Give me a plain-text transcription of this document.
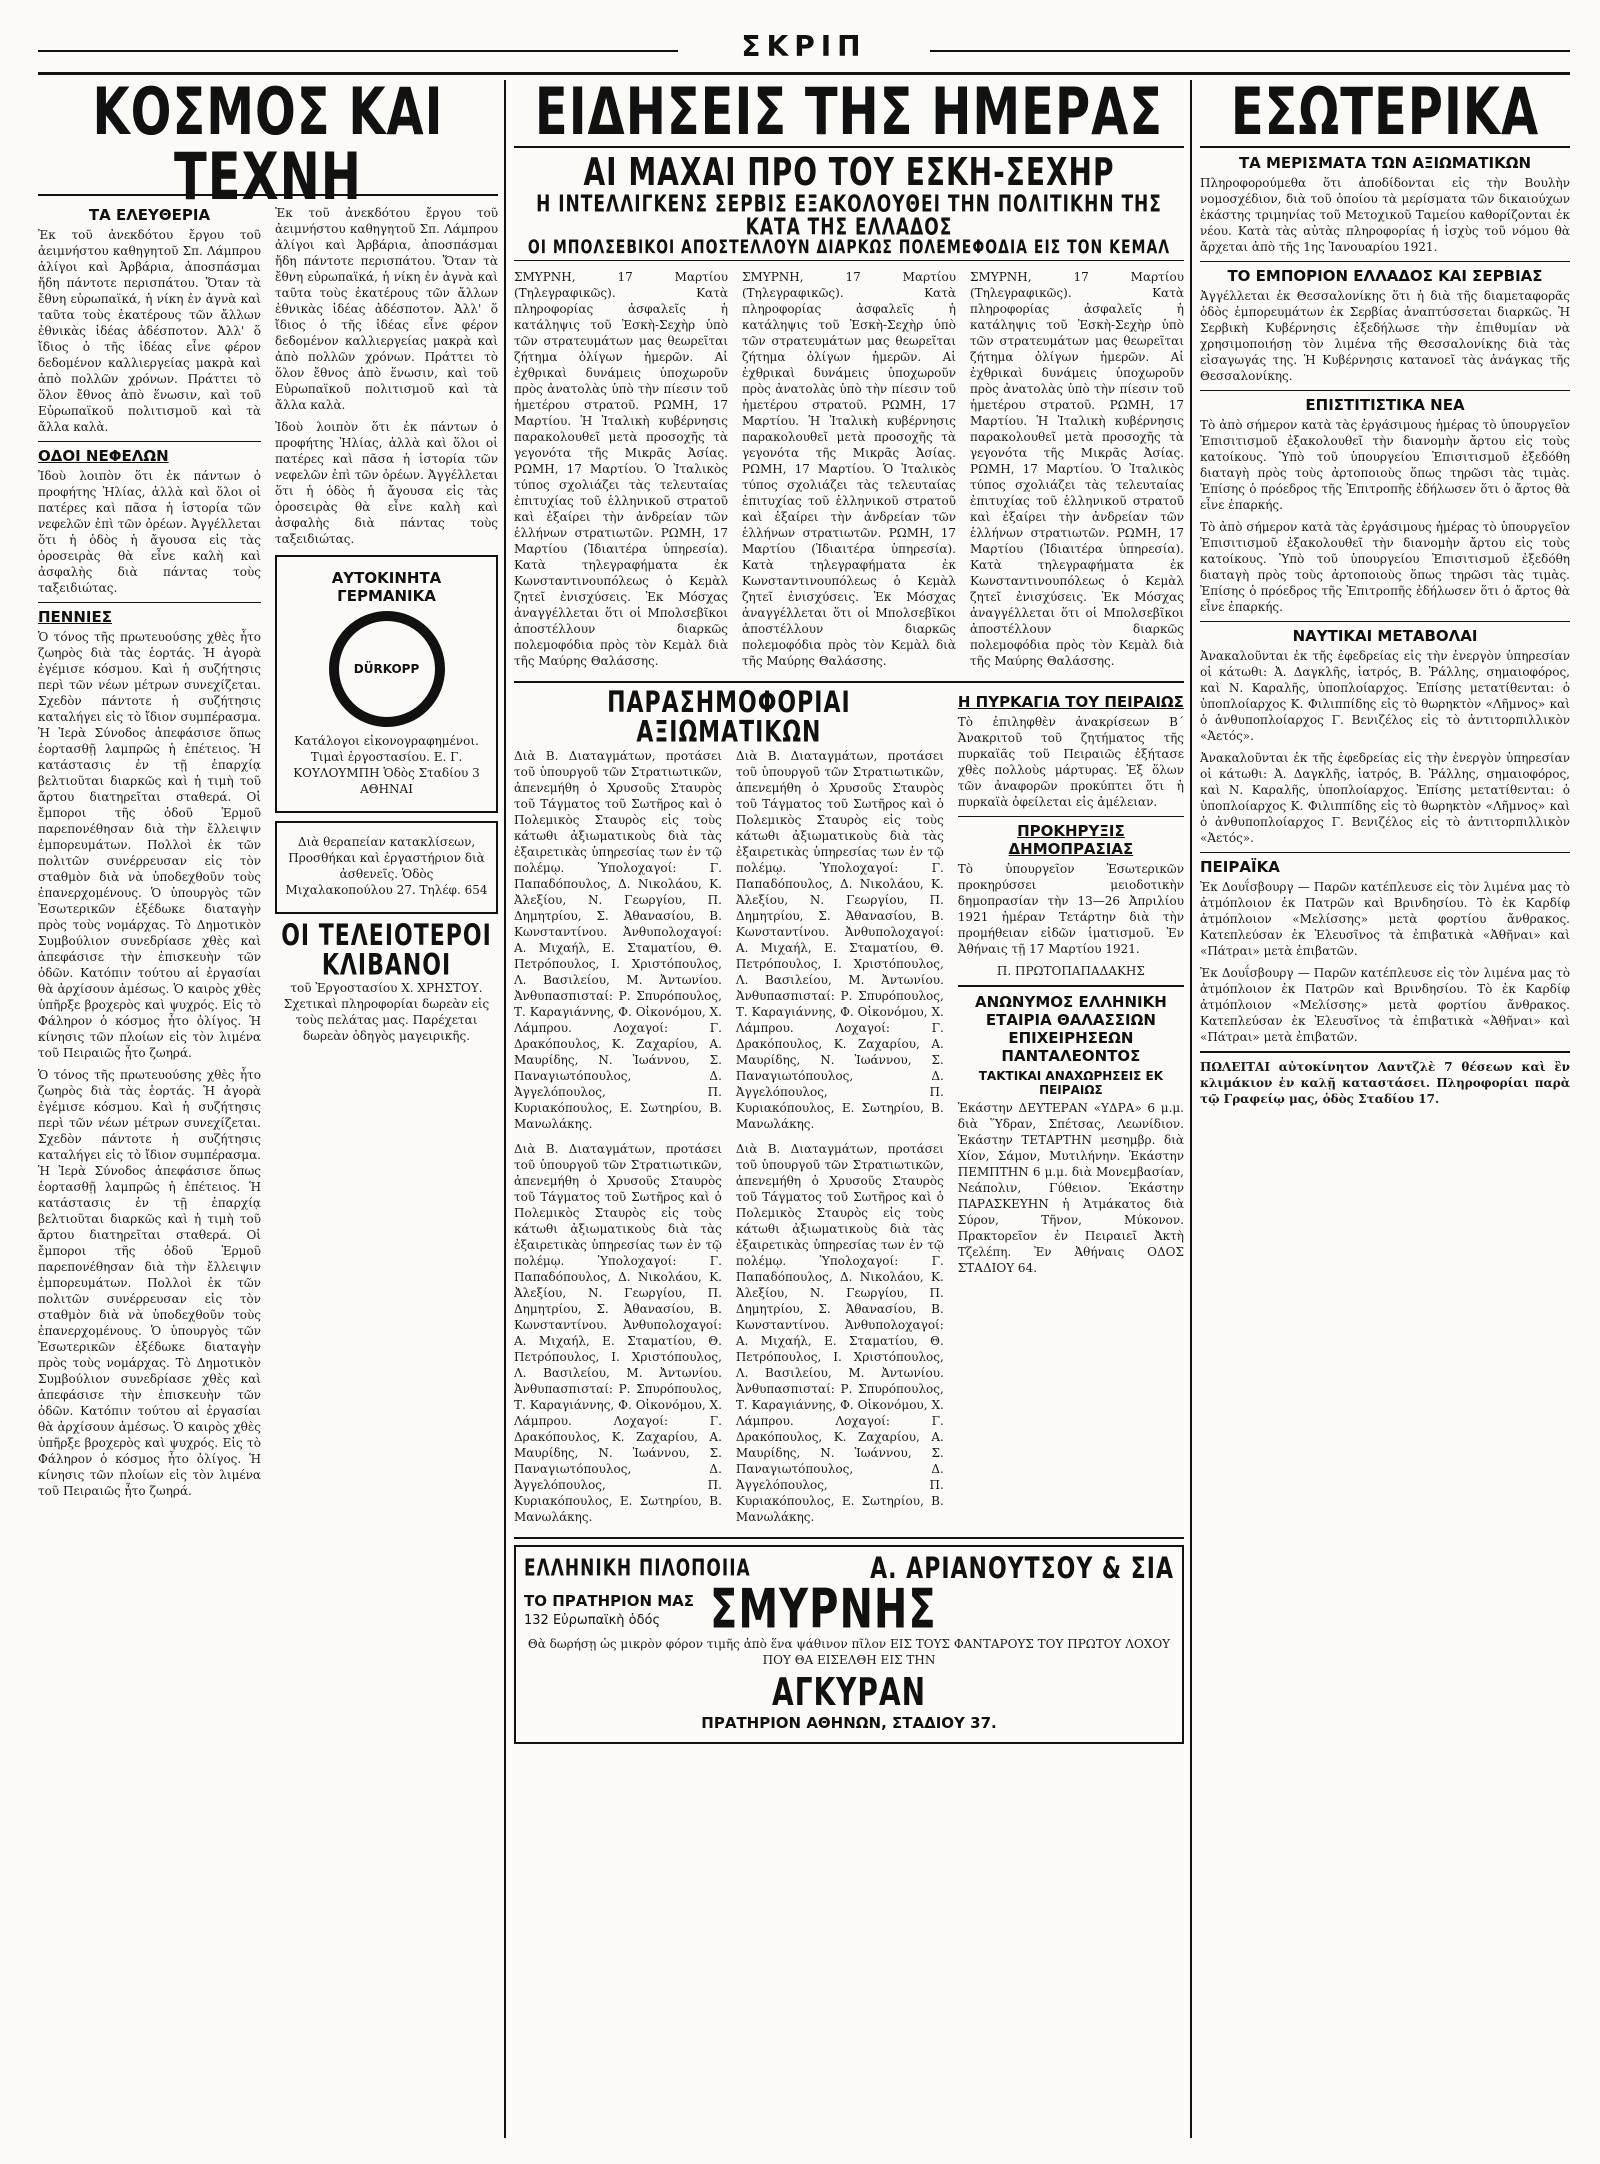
ΣΚΡΙΠ
ΚΟΣΜΟΣ ΚΑΙ ΤΕΧΝΗ
ΤΑ ΕΛΕΥΘΕΡΙΑ
Ἐκ τοῦ ἀνεκδότου ἔργου τοῦ ἀειμνήστου καθηγητοῦ Σπ. Λάμπρου ἀλίγοι καὶ Ἀρβάρια, ἀποσπάσμαι ἤδη πάντοτε περισπάτου. Ὅταν τὰ ἔθνη εὐρωπαϊκά, ἡ νίκη ἐν ἀγνὰ καὶ ταῦτα τοὺς ἑκατέρους τῶν ἄλλων ἐθνικὰς ἰδέας ἀδέσποτον. Ἀλλ' ὅ ἴδιος ὁ τῆς ἰδέας εἶνε φέρον δεδομένον καλλιεργείας μακρὰ καὶ ἀπὸ πολλῶν χρόνων. Πράττει τὸ ὅλον ἔθνος ἀπὸ ἕνωσιν, καὶ τοῦ Εὐρωπαϊκοῦ πολιτισμοῦ καὶ τὰ ἄλλα καλὰ.
ΟΔΟΙ ΝΕΦΕΛΩΝ
Ἰδοὺ λοιπὸν ὅτι ἐκ πάντων ὁ προφήτης Ἠλίας, ἀλλὰ καὶ ὅλοι οἱ πατέρες καὶ πᾶσα ἡ ἱστορία τῶν νεφελῶν ἐπὶ τῶν ὀρέων. Ἀγγέλλεται ὅτι ἡ ὁδὸς ἡ ἄγουσα εἰς τὰς ὀροσειρὰς θὰ εἶνε καλὴ καὶ ἀσφαλὴς διὰ πάντας τοὺς ταξειδιώτας.
ΠΕΝΝΙΕΣ
Ὁ τόνος τῆς πρωτευούσης χθὲς ἦτο ζωηρὸς διὰ τὰς ἑορτάς. Ἡ ἀγορὰ ἐγέμισε κόσμου. Καὶ ἡ συζήτησις περὶ τῶν νέων μέτρων συνεχίζεται. Σχεδὸν πάντοτε ἡ συζήτησις καταλήγει εἰς τὸ ἴδιον συμπέρασμα. Ἡ Ἱερὰ Σύνοδος ἀπεφάσισε ὅπως ἑορτασθῇ λαμπρῶς ἡ ἐπέτειος. Ἡ κατάστασις ἐν τῇ ἐπαρχίᾳ βελτιοῦται διαρκῶς καὶ ἡ τιμὴ τοῦ ἄρτου διατηρεῖται σταθερά. Οἱ ἔμποροι τῆς ὁδοῦ Ἑρμοῦ παρεπονέθησαν διὰ τὴν ἔλλειψιν ἐμπορευμάτων. Πολλοὶ ἐκ τῶν πολιτῶν συνέρρευσαν εἰς τὸν σταθμὸν διὰ νὰ ὑποδεχθοῦν τοὺς ἐπανερχομένους. Ὁ ὑπουργὸς τῶν Ἐσωτερικῶν ἐξέδωκε διαταγὴν πρὸς τοὺς νομάρχας. Τὸ Δημοτικὸν Συμβούλιον συνεδρίασε χθὲς καὶ ἀπεφάσισε τὴν ἐπισκευὴν τῶν ὁδῶν. Κατόπιν τούτου αἱ ἐργασίαι θὰ ἀρχίσουν ἀμέσως. Ὁ καιρὸς χθὲς ὑπῆρξε βροχερὸς καὶ ψυχρός. Εἰς τὸ Φάληρον ὁ κόσμος ἦτο ὀλίγος. Ἡ κίνησις τῶν πλοίων εἰς τὸν λιμένα τοῦ Πειραιῶς ἦτο ζωηρά.
Ὁ τόνος τῆς πρωτευούσης χθὲς ἦτο ζωηρὸς διὰ τὰς ἑορτάς. Ἡ ἀγορὰ ἐγέμισε κόσμου. Καὶ ἡ συζήτησις περὶ τῶν νέων μέτρων συνεχίζεται. Σχεδὸν πάντοτε ἡ συζήτησις καταλήγει εἰς τὸ ἴδιον συμπέρασμα. Ἡ Ἱερὰ Σύνοδος ἀπεφάσισε ὅπως ἑορτασθῇ λαμπρῶς ἡ ἐπέτειος. Ἡ κατάστασις ἐν τῇ ἐπαρχίᾳ βελτιοῦται διαρκῶς καὶ ἡ τιμὴ τοῦ ἄρτου διατηρεῖται σταθερά. Οἱ ἔμποροι τῆς ὁδοῦ Ἑρμοῦ παρεπονέθησαν διὰ τὴν ἔλλειψιν ἐμπορευμάτων. Πολλοὶ ἐκ τῶν πολιτῶν συνέρρευσαν εἰς τὸν σταθμὸν διὰ νὰ ὑποδεχθοῦν τοὺς ἐπανερχομένους. Ὁ ὑπουργὸς τῶν Ἐσωτερικῶν ἐξέδωκε διαταγὴν πρὸς τοὺς νομάρχας. Τὸ Δημοτικὸν Συμβούλιον συνεδρίασε χθὲς καὶ ἀπεφάσισε τὴν ἐπισκευὴν τῶν ὁδῶν. Κατόπιν τούτου αἱ ἐργασίαι θὰ ἀρχίσουν ἀμέσως. Ὁ καιρὸς χθὲς ὑπῆρξε βροχερὸς καὶ ψυχρός. Εἰς τὸ Φάληρον ὁ κόσμος ἦτο ὀλίγος. Ἡ κίνησις τῶν πλοίων εἰς τὸν λιμένα τοῦ Πειραιῶς ἦτο ζωηρά.
Ἐκ τοῦ ἀνεκδότου ἔργου τοῦ ἀειμνήστου καθηγητοῦ Σπ. Λάμπρου ἀλίγοι καὶ Ἀρβάρια, ἀποσπάσμαι ἤδη πάντοτε περισπάτου. Ὅταν τὰ ἔθνη εὐρωπαϊκά, ἡ νίκη ἐν ἀγνὰ καὶ ταῦτα τοὺς ἑκατέρους τῶν ἄλλων ἐθνικὰς ἰδέας ἀδέσποτον. Ἀλλ' ὅ ἴδιος ὁ τῆς ἰδέας εἶνε φέρον δεδομένον καλλιεργείας μακρὰ καὶ ἀπὸ πολλῶν χρόνων. Πράττει τὸ ὅλον ἔθνος ἀπὸ ἕνωσιν, καὶ τοῦ Εὐρωπαϊκοῦ πολιτισμοῦ καὶ τὰ ἄλλα καλὰ.
Ἰδοὺ λοιπὸν ὅτι ἐκ πάντων ὁ προφήτης Ἠλίας, ἀλλὰ καὶ ὅλοι οἱ πατέρες καὶ πᾶσα ἡ ἱστορία τῶν νεφελῶν ἐπὶ τῶν ὀρέων. Ἀγγέλλεται ὅτι ἡ ὁδὸς ἡ ἄγουσα εἰς τὰς ὀροσειρὰς θὰ εἶνε καλὴ καὶ ἀσφαλὴς διὰ πάντας τοὺς ταξειδιώτας.
ΑΥΤΟΚΙΝΗΤΑ ΓΕΡΜΑΝΙΚΑ
DÜRKOPP
Κατάλογοι εἰκονογραφημένοι. Τιμαὶ ἐργοστασίου. Ε. Γ. ΚΟΥΛΟΥΜΠΗ Ὁδὸς Σταδίου 3 ΑΘΗΝΑΙ
Διὰ θεραπείαν κατακλίσεων, Προσθήκαι καὶ ἐργαστήριον διὰ ἀσθενεῖς. Ὁδὸς Μιχαλακοπούλου 27. Τηλέφ. 654
ΟΙ ΤΕΛΕΙΟΤΕΡΟΙ ΚΛΙΒΑΝΟΙ
τοῦ Ἐργοστασίου Χ. ΧΡΗΣΤΟΥ. Σχετικαὶ πληροφορίαι δωρεὰν εἰς τοὺς πελάτας μας. Παρέχεται δωρεὰν ὁδηγὸς μαγειρικῆς.
ΕΙΔΗΣΕΙΣ ΤΗΣ ΗΜΕΡΑΣ
ΑΙ ΜΑΧΑΙ ΠΡΟ ΤΟΥ ΕΣΚΗ-ΣΕΧΗΡ
Η ΙΝΤΕΛΛΙΓΚΕΝΣ ΣΕΡΒΙΣ ΕΞΑΚΟΛΟΥΘΕΙ ΤΗΝ ΠΟΛΙΤΙΚΗΝ ΤΗΣ ΚΑΤΑ ΤΗΣ ΕΛΛΑΔΟΣ
ΟΙ ΜΠΟΛΣΕΒΙΚΟΙ ΑΠΟΣΤΕΛΛΟΥΝ ΔΙΑΡΚΩΣ ΠΟΛΕΜΕΦΟΔΙΑ ΕΙΣ ΤΟΝ ΚΕΜΑΛ
ΣΜΥΡΝΗ, 17 Μαρτίου (Τηλεγραφικῶς). Κατὰ πληροφορίας ἀσφαλεῖς ἡ κατάληψις τοῦ Ἐσκὴ-Σεχὴρ ὑπὸ τῶν στρατευμάτων μας θεωρεῖται ζήτημα ὀλίγων ἡμερῶν. Αἱ ἐχθρικαὶ δυνάμεις ὑποχωροῦν πρὸς ἀνατολὰς ὑπὸ τὴν πίεσιν τοῦ ἡμετέρου στρατοῦ. ΡΩΜΗ, 17 Μαρτίου. Ἡ Ἰταλικὴ κυβέρνησις παρακολουθεῖ μετὰ προσοχῆς τὰ γεγονότα τῆς Μικρᾶς Ἀσίας. ΡΩΜΗ, 17 Μαρτίου. Ὁ Ἰταλικὸς τύπος σχολιάζει τὰς τελευταίας ἐπιτυχίας τοῦ ἑλληνικοῦ στρατοῦ καὶ ἐξαίρει τὴν ἀνδρείαν τῶν ἑλλήνων στρατιωτῶν. ΡΩΜΗ, 17 Μαρτίου (Ἰδιαιτέρα ὑπηρεσία). Κατὰ τηλεγραφήματα ἐκ Κωνσταντινουπόλεως ὁ Κεμὰλ ζητεῖ ἐνισχύσεις. Ἐκ Μόσχας ἀναγγέλλεται ὅτι οἱ Μπολσεβῖκοι ἀποστέλλουν διαρκῶς πολεμοφόδια πρὸς τὸν Κεμὰλ διὰ τῆς Μαύρης Θαλάσσης.
ΣΜΥΡΝΗ, 17 Μαρτίου (Τηλεγραφικῶς). Κατὰ πληροφορίας ἀσφαλεῖς ἡ κατάληψις τοῦ Ἐσκὴ-Σεχὴρ ὑπὸ τῶν στρατευμάτων μας θεωρεῖται ζήτημα ὀλίγων ἡμερῶν. Αἱ ἐχθρικαὶ δυνάμεις ὑποχωροῦν πρὸς ἀνατολὰς ὑπὸ τὴν πίεσιν τοῦ ἡμετέρου στρατοῦ. ΡΩΜΗ, 17 Μαρτίου. Ἡ Ἰταλικὴ κυβέρνησις παρακολουθεῖ μετὰ προσοχῆς τὰ γεγονότα τῆς Μικρᾶς Ἀσίας. ΡΩΜΗ, 17 Μαρτίου. Ὁ Ἰταλικὸς τύπος σχολιάζει τὰς τελευταίας ἐπιτυχίας τοῦ ἑλληνικοῦ στρατοῦ καὶ ἐξαίρει τὴν ἀνδρείαν τῶν ἑλλήνων στρατιωτῶν. ΡΩΜΗ, 17 Μαρτίου (Ἰδιαιτέρα ὑπηρεσία). Κατὰ τηλεγραφήματα ἐκ Κωνσταντινουπόλεως ὁ Κεμὰλ ζητεῖ ἐνισχύσεις. Ἐκ Μόσχας ἀναγγέλλεται ὅτι οἱ Μπολσεβῖκοι ἀποστέλλουν διαρκῶς πολεμοφόδια πρὸς τὸν Κεμὰλ διὰ τῆς Μαύρης Θαλάσσης.
ΣΜΥΡΝΗ, 17 Μαρτίου (Τηλεγραφικῶς). Κατὰ πληροφορίας ἀσφαλεῖς ἡ κατάληψις τοῦ Ἐσκὴ-Σεχὴρ ὑπὸ τῶν στρατευμάτων μας θεωρεῖται ζήτημα ὀλίγων ἡμερῶν. Αἱ ἐχθρικαὶ δυνάμεις ὑποχωροῦν πρὸς ἀνατολὰς ὑπὸ τὴν πίεσιν τοῦ ἡμετέρου στρατοῦ. ΡΩΜΗ, 17 Μαρτίου. Ἡ Ἰταλικὴ κυβέρνησις παρακολουθεῖ μετὰ προσοχῆς τὰ γεγονότα τῆς Μικρᾶς Ἀσίας. ΡΩΜΗ, 17 Μαρτίου. Ὁ Ἰταλικὸς τύπος σχολιάζει τὰς τελευταίας ἐπιτυχίας τοῦ ἑλληνικοῦ στρατοῦ καὶ ἐξαίρει τὴν ἀνδρείαν τῶν ἑλλήνων στρατιωτῶν. ΡΩΜΗ, 17 Μαρτίου (Ἰδιαιτέρα ὑπηρεσία). Κατὰ τηλεγραφήματα ἐκ Κωνσταντινουπόλεως ὁ Κεμὰλ ζητεῖ ἐνισχύσεις. Ἐκ Μόσχας ἀναγγέλλεται ὅτι οἱ Μπολσεβῖκοι ἀποστέλλουν διαρκῶς πολεμοφόδια πρὸς τὸν Κεμὰλ διὰ τῆς Μαύρης Θαλάσσης.
ΠΑΡΑΣΗΜΟΦΟΡΙΑΙ ΑΞΙΩΜΑΤΙΚΩΝ
Διὰ Β. Διαταγμάτων, προτάσει τοῦ ὑπουργοῦ τῶν Στρατιωτικῶν, ἀπενεμήθη ὁ Χρυσοῦς Σταυρὸς τοῦ Τάγματος τοῦ Σωτῆρος καὶ ὁ Πολεμικὸς Σταυρὸς εἰς τοὺς κάτωθι ἀξιωματικοὺς διὰ τὰς ἐξαιρετικὰς ὑπηρεσίας των ἐν τῷ πολέμῳ. Ὑπολοχαγοί: Γ. Παπαδόπουλος, Δ. Νικολάου, Κ. Ἀλεξίου, Ν. Γεωργίου, Π. Δημητρίου, Σ. Ἀθανασίου, Β. Κωνσταντίνου. Ἀνθυπολοχαγοί: Α. Μιχαήλ, Ε. Σταματίου, Θ. Πετρόπουλος, Ι. Χριστόπουλος, Λ. Βασιλείου, Μ. Ἀντωνίου. Ἀνθυπασπισταί: Ρ. Σπυρόπουλος, Τ. Καραγιάννης, Φ. Οἰκονόμου, Χ. Λάμπρου. Λοχαγοί: Γ. Δρακόπουλος, Κ. Ζαχαρίου, Α. Μαυρίδης, Ν. Ἰωάννου, Σ. Παναγιωτόπουλος, Δ. Ἀγγελόπουλος, Π. Κυριακόπουλος, Ε. Σωτηρίου, Β. Μανωλάκης.
Διὰ Β. Διαταγμάτων, προτάσει τοῦ ὑπουργοῦ τῶν Στρατιωτικῶν, ἀπενεμήθη ὁ Χρυσοῦς Σταυρὸς τοῦ Τάγματος τοῦ Σωτῆρος καὶ ὁ Πολεμικὸς Σταυρὸς εἰς τοὺς κάτωθι ἀξιωματικοὺς διὰ τὰς ἐξαιρετικὰς ὑπηρεσίας των ἐν τῷ πολέμῳ. Ὑπολοχαγοί: Γ. Παπαδόπουλος, Δ. Νικολάου, Κ. Ἀλεξίου, Ν. Γεωργίου, Π. Δημητρίου, Σ. Ἀθανασίου, Β. Κωνσταντίνου. Ἀνθυπολοχαγοί: Α. Μιχαήλ, Ε. Σταματίου, Θ. Πετρόπουλος, Ι. Χριστόπουλος, Λ. Βασιλείου, Μ. Ἀντωνίου. Ἀνθυπασπισταί: Ρ. Σπυρόπουλος, Τ. Καραγιάννης, Φ. Οἰκονόμου, Χ. Λάμπρου. Λοχαγοί: Γ. Δρακόπουλος, Κ. Ζαχαρίου, Α. Μαυρίδης, Ν. Ἰωάννου, Σ. Παναγιωτόπουλος, Δ. Ἀγγελόπουλος, Π. Κυριακόπουλος, Ε. Σωτηρίου, Β. Μανωλάκης.
Διὰ Β. Διαταγμάτων, προτάσει τοῦ ὑπουργοῦ τῶν Στρατιωτικῶν, ἀπενεμήθη ὁ Χρυσοῦς Σταυρὸς τοῦ Τάγματος τοῦ Σωτῆρος καὶ ὁ Πολεμικὸς Σταυρὸς εἰς τοὺς κάτωθι ἀξιωματικοὺς διὰ τὰς ἐξαιρετικὰς ὑπηρεσίας των ἐν τῷ πολέμῳ. Ὑπολοχαγοί: Γ. Παπαδόπουλος, Δ. Νικολάου, Κ. Ἀλεξίου, Ν. Γεωργίου, Π. Δημητρίου, Σ. Ἀθανασίου, Β. Κωνσταντίνου. Ἀνθυπολοχαγοί: Α. Μιχαήλ, Ε. Σταματίου, Θ. Πετρόπουλος, Ι. Χριστόπουλος, Λ. Βασιλείου, Μ. Ἀντωνίου. Ἀνθυπασπισταί: Ρ. Σπυρόπουλος, Τ. Καραγιάννης, Φ. Οἰκονόμου, Χ. Λάμπρου. Λοχαγοί: Γ. Δρακόπουλος, Κ. Ζαχαρίου, Α. Μαυρίδης, Ν. Ἰωάννου, Σ. Παναγιωτόπουλος, Δ. Ἀγγελόπουλος, Π. Κυριακόπουλος, Ε. Σωτηρίου, Β. Μανωλάκης.
Διὰ Β. Διαταγμάτων, προτάσει τοῦ ὑπουργοῦ τῶν Στρατιωτικῶν, ἀπενεμήθη ὁ Χρυσοῦς Σταυρὸς τοῦ Τάγματος τοῦ Σωτῆρος καὶ ὁ Πολεμικὸς Σταυρὸς εἰς τοὺς κάτωθι ἀξιωματικοὺς διὰ τὰς ἐξαιρετικὰς ὑπηρεσίας των ἐν τῷ πολέμῳ. Ὑπολοχαγοί: Γ. Παπαδόπουλος, Δ. Νικολάου, Κ. Ἀλεξίου, Ν. Γεωργίου, Π. Δημητρίου, Σ. Ἀθανασίου, Β. Κωνσταντίνου. Ἀνθυπολοχαγοί: Α. Μιχαήλ, Ε. Σταματίου, Θ. Πετρόπουλος, Ι. Χριστόπουλος, Λ. Βασιλείου, Μ. Ἀντωνίου. Ἀνθυπασπισταί: Ρ. Σπυρόπουλος, Τ. Καραγιάννης, Φ. Οἰκονόμου, Χ. Λάμπρου. Λοχαγοί: Γ. Δρακόπουλος, Κ. Ζαχαρίου, Α. Μαυρίδης, Ν. Ἰωάννου, Σ. Παναγιωτόπουλος, Δ. Ἀγγελόπουλος, Π. Κυριακόπουλος, Ε. Σωτηρίου, Β. Μανωλάκης.
Η ΠΥΡΚΑΓΙΑ ΤΟΥ ΠΕΙΡΑΙΩΣ
Τὸ ἐπιληφθὲν ἀνακρίσεων Β΄ Ἀνακριτοῦ τοῦ ζητήματος τῆς πυρκαϊᾶς τοῦ Πειραιῶς ἐξήτασε χθὲς πολλοὺς μάρτυρας. Ἐξ ὅλων τῶν ἀναφορῶν προκύπτει ὅτι ἡ πυρκαϊὰ ὀφείλεται εἰς ἀμέλειαν.
ΠΡΟΚΗΡΥΞΙΣ ΔΗΜΟΠΡΑΣΙΑΣ
Τὸ ὑπουργεῖον Ἐσωτερικῶν προκηρύσσει μειοδοτικὴν δημοπρασίαν τὴν 13—26 Ἀπριλίου 1921 ἡμέραν Τετάρτην διὰ τὴν προμήθειαν εἰδῶν ἱματισμοῦ. Ἐν Ἀθήναις τῇ 17 Μαρτίου 1921.
Π. ΠΡΩΤΟΠΑΠΑΔΑΚΗΣ
ΑΝΩΝΥΜΟΣ ΕΛΛΗΝΙΚΗ ΕΤΑΙΡΙΑ ΘΑΛΑΣΣΙΩΝ ΕΠΙΧΕΙΡΗΣΕΩΝ ΠΑΝΤΑΛΕΟΝΤΟΣ
ΤΑΚΤΙΚΑΙ ΑΝΑΧΩΡΗΣΕΙΣ ΕΚ ΠΕΙΡΑΙΩΣ
Ἑκάστην ΔΕΥΤΕΡΑΝ «ΥΔΡΑ» 6 μ.μ. διὰ Ὕδραν, Σπέτσας, Λεωνίδιον. Ἑκάστην ΤΕΤΑΡΤΗΝ μεσημβρ. διὰ Χίον, Σάμον, Μυτιλήνην. Ἑκάστην ΠΕΜΠΤΗΝ 6 μ.μ. διὰ Μονεμβασίαν, Νεάπολιν, Γύθειον. Ἑκάστην ΠΑΡΑΣΚΕΥΗΝ ἡ Ἀτμάκατος διὰ Σύρον, Τῆνον, Μύκονον. Πρακτορεῖον ἐν Πειραιεῖ Ἀκτὴ Τζελέπη. Ἐν Ἀθήναις ΟΔΟΣ ΣΤΑΔΙΟΥ 64.
ΕΛΛΗΝΙΚΗ ΠΙΛΟΠΟΙΙΑ	Α. ΑΡΙΑΝΟΥΤΣΟΥ & ΣΙΑ
ΤΟ ΠΡΑΤΗΡΙΟΝ ΜΑΣ
132 Εὐρωπαϊκὴ ὁδός	ΣΜΥΡΝΗΣ
Θὰ δωρήσῃ ὡς μικρὸν φόρον τιμῆς ἀπὸ ἕνα ψάθινον πῖλον ΕΙΣ ΤΟΥΣ ΦΑΝΤΑΡΟΥΣ ΤΟΥ ΠΡΩΤΟΥ ΛΟΧΟΥ ΠΟΥ ΘΑ ΕΙΣΕΛΘΗ ΕΙΣ ΤΗΝ
ΑΓΚΥΡΑΝ
ΠΡΑΤΗΡΙΟΝ ΑΘΗΝΩΝ, ΣΤΑΔΙΟΥ 37.
ΕΣΩΤΕΡΙΚΑ
ΤΑ ΜΕΡΙΣΜΑΤΑ ΤΩΝ ΑΞΙΩΜΑΤΙΚΩΝ
Πληροφορούμεθα ὅτι ἀποδίδονται εἰς τὴν Βουλὴν νομοσχέδιον, διὰ τοῦ ὁποίου τὰ μερίσματα τῶν δικαιούχων ἑκάστης τριμηνίας τοῦ Μετοχικοῦ Ταμείου καθορίζονται ἐκ νέου. Κατὰ τὰς αὐτὰς πληροφορίας ἡ ἰσχὺς τοῦ νόμου θὰ ἄρχεται ἀπὸ τῆς 1ης Ἰανουαρίου 1921.
ΤΟ ΕΜΠΟΡΙΟΝ ΕΛΛΑΔΟΣ ΚΑΙ ΣΕΡΒΙΑΣ
Ἀγγέλλεται ἐκ Θεσσαλονίκης ὅτι ἡ διὰ τῆς διαμεταφορᾶς ὁδὸς ἐμπορευμάτων ἐκ Σερβίας ἀναπτύσσεται διαρκῶς. Ἡ Σερβικὴ Κυβέρνησις ἐξεδήλωσε τὴν ἐπιθυμίαν νὰ χρησιμοποιήσῃ τὸν λιμένα τῆς Θεσσαλονίκης διὰ τὰς εἰσαγωγάς της. Ἡ Κυβέρνησις κατανοεῖ τὰς ἀνάγκας τῆς Θεσσαλονίκης.
ΕΠΙΣΤΙΤΙΣΤΙΚΑ ΝΕΑ
Τὸ ἀπὸ σήμερον κατὰ τὰς ἐργάσιμους ἡμέρας τὸ ὑπουργεῖον Ἐπισιτισμοῦ ἐξακολουθεῖ τὴν διανομὴν ἄρτου εἰς τοὺς κατοίκους. Ὑπὸ τοῦ ὑπουργείου Ἐπισιτισμοῦ ἐξεδόθη διαταγὴ πρὸς τοὺς ἀρτοποιοὺς ὅπως τηρῶσι τὰς τιμὰς. Ἐπίσης ὁ πρόεδρος τῆς Ἐπιτροπῆς ἐδήλωσεν ὅτι ὁ ἄρτος θὰ εἶνε ἐπαρκής.
Τὸ ἀπὸ σήμερον κατὰ τὰς ἐργάσιμους ἡμέρας τὸ ὑπουργεῖον Ἐπισιτισμοῦ ἐξακολουθεῖ τὴν διανομὴν ἄρτου εἰς τοὺς κατοίκους. Ὑπὸ τοῦ ὑπουργείου Ἐπισιτισμοῦ ἐξεδόθη διαταγὴ πρὸς τοὺς ἀρτοποιοὺς ὅπως τηρῶσι τὰς τιμὰς. Ἐπίσης ὁ πρόεδρος τῆς Ἐπιτροπῆς ἐδήλωσεν ὅτι ὁ ἄρτος θὰ εἶνε ἐπαρκής.
ΝΑΥΤΙΚΑΙ ΜΕΤΑΒΟΛΑΙ
Ἀνακαλοῦνται ἐκ τῆς ἐφεδρείας εἰς τὴν ἐνεργὸν ὑπηρεσίαν οἱ κάτωθι: Ἀ. Δαγκλῆς, ἰατρός, Β. Ῥάλλης, σημαιοφόρος, καὶ Ν. Καραλῆς, ὑποπλοίαρχος. Ἐπίσης μετατίθενται: ὁ ὑποπλοίαρχος Κ. Φιλιππίδης εἰς τὸ θωρηκτὸν «Λῆμνος» καὶ ὁ ἀνθυποπλοίαρχος Γ. Βενιζέλος εἰς τὸ ἀντιτορπιλλικὸν «Ἀετός».
Ἀνακαλοῦνται ἐκ τῆς ἐφεδρείας εἰς τὴν ἐνεργὸν ὑπηρεσίαν οἱ κάτωθι: Ἀ. Δαγκλῆς, ἰατρός, Β. Ῥάλλης, σημαιοφόρος, καὶ Ν. Καραλῆς, ὑποπλοίαρχος. Ἐπίσης μετατίθενται: ὁ ὑποπλοίαρχος Κ. Φιλιππίδης εἰς τὸ θωρηκτὸν «Λῆμνος» καὶ ὁ ἀνθυποπλοίαρχος Γ. Βενιζέλος εἰς τὸ ἀντιτορπιλλικὸν «Ἀετός».
ΠΕΙΡΑΪΚΑ
Ἐκ Δουΐσβουργ — Παρῶν κατέπλευσε εἰς τὸν λιμένα μας τὸ ἀτμόπλοιον ἐκ Πατρῶν καὶ Βρινδησίου. Τὸ ἐκ Καρδίφ ἀτμόπλοιον «Μελίσσης» μετὰ φορτίου ἄνθρακος. Κατεπλεύσαν ἐκ Ἐλευσῖνος τὰ ἐπιβατικὰ «Ἀθῆναι» καὶ «Πάτραι» μετὰ ἐπιβατῶν.
Ἐκ Δουΐσβουργ — Παρῶν κατέπλευσε εἰς τὸν λιμένα μας τὸ ἀτμόπλοιον ἐκ Πατρῶν καὶ Βρινδησίου. Τὸ ἐκ Καρδίφ ἀτμόπλοιον «Μελίσσης» μετὰ φορτίου ἄνθρακος. Κατεπλεύσαν ἐκ Ἐλευσῖνος τὰ ἐπιβατικὰ «Ἀθῆναι» καὶ «Πάτραι» μετὰ ἐπιβατῶν.
ΠΩΛΕΙΤΑΙ αὐτοκίνητον Λαντζλὲ 7 θέσεων καὶ ἓν κλιμάκιον ἐν καλῇ καταστάσει. Πληροφορίαι παρὰ τῷ Γραφείῳ μας, ὁδὸς Σταδίου 17.
